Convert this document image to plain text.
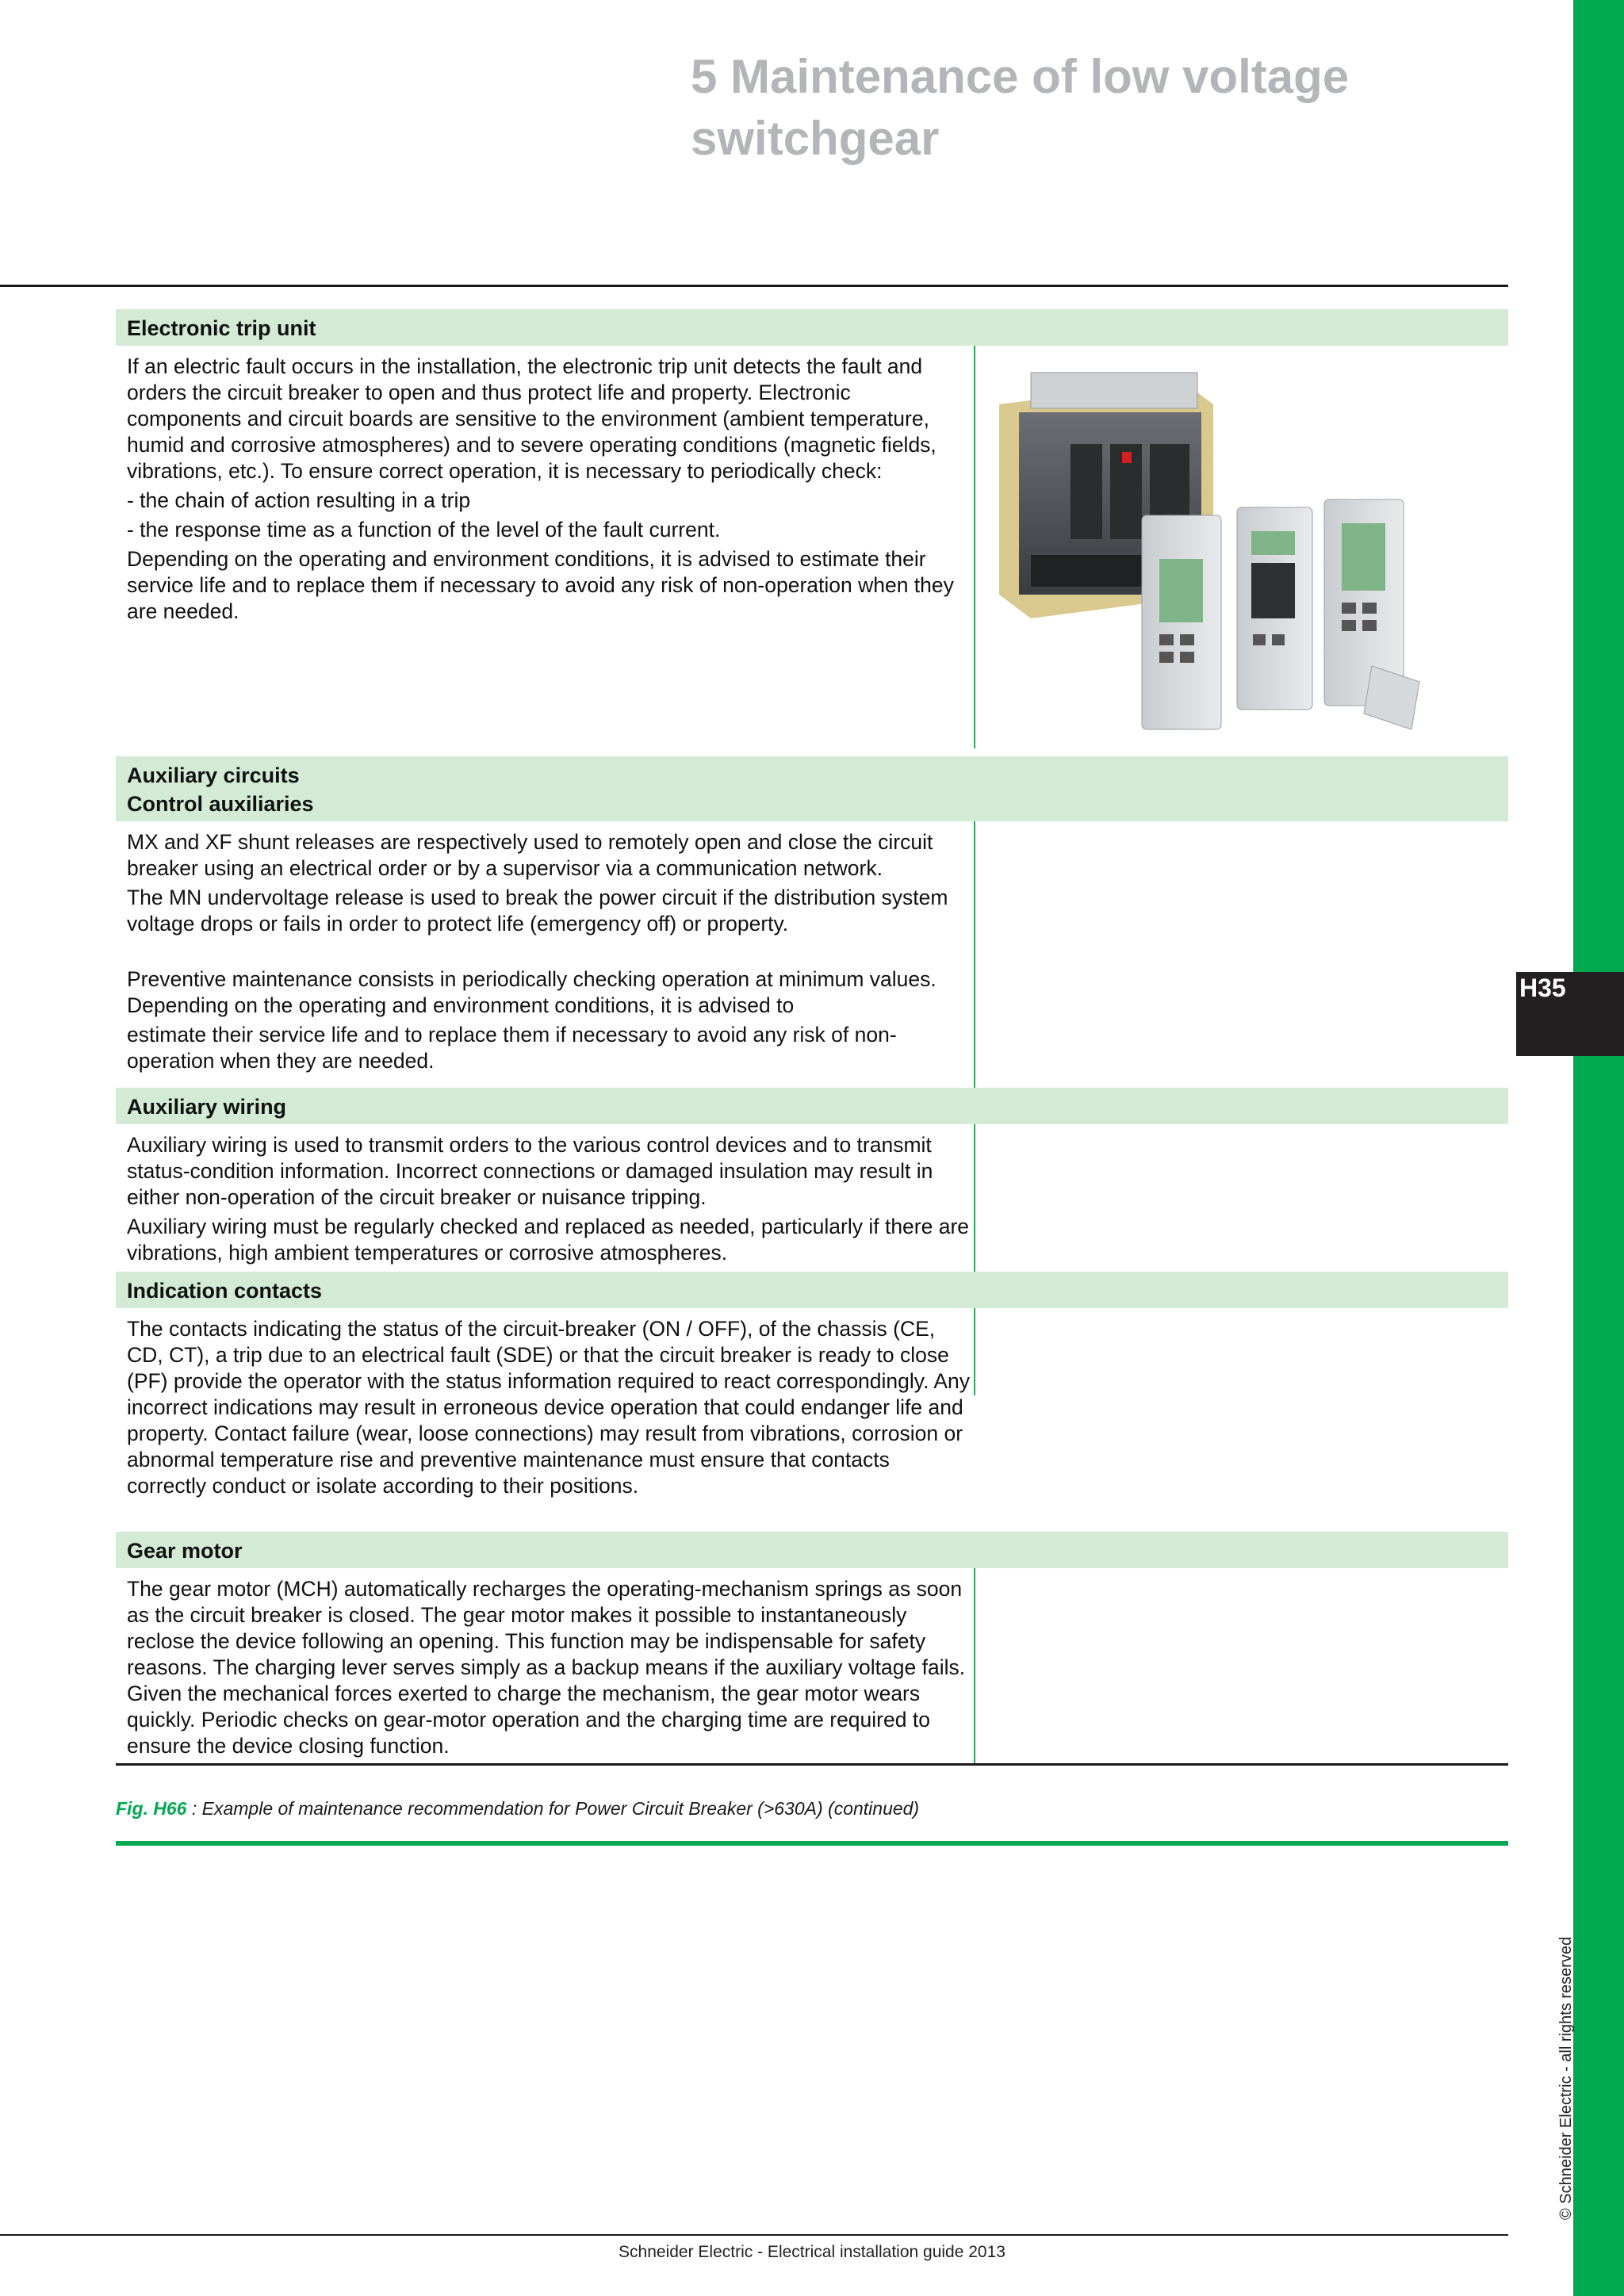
H35
© Schneider Electric - all rights reserved
5 Maintenance of low voltage switchgear
Electronic trip unit

If an electric fault occurs in the installation, the electronic trip unit detects the fault and orders the circuit breaker to open and thus protect life and property. Electronic components and circuit boards are sensitive to the environment (ambient temperature, humid and corrosive atmospheres) and to severe operating conditions (magnetic fields, vibrations, etc.). To ensure correct operation, it is necessary to periodically check:

- the chain of action resulting in a trip

- the response time as a function of the level of the fault current.

Depending on the operating and environment conditions, it is advised to estimate their service life and to replace them if necessary to avoid any risk of non-operation when they are needed.

Auxiliary circuits
Control auxiliaries

MX and XF shunt releases are respectively used to remotely open and close the circuit breaker using an electrical order or by a supervisor via a communication network.

The MN undervoltage release is used to break the power circuit if the distribution system voltage drops or fails in order to protect life (emergency off) or property.

Preventive maintenance consists in periodically checking operation at minimum values. Depending on the operating and environment conditions, it is advised to

estimate their service life and to replace them if necessary to avoid any risk of non-operation when they are needed.

Auxiliary wiring

Auxiliary wiring is used to transmit orders to the various control devices and to transmit status-condition information. Incorrect connections or damaged insulation may result in either non-operation of the circuit breaker or nuisance tripping.

Auxiliary wiring must be regularly checked and replaced as needed, particularly if there are vibrations, high ambient temperatures or corrosive atmospheres.

Indication contacts

The contacts indicating the status of the circuit-breaker (ON / OFF), of the chassis (CE, CD, CT), a trip due to an electrical fault (SDE) or that the circuit breaker is ready to close (PF) provide the operator with the status information required to react correspondingly. Any incorrect indications may result in erroneous device operation that could endanger life and property. Contact failure (wear, loose connections) may result from vibrations, corrosion or abnormal temperature rise and preventive maintenance must ensure that contacts correctly conduct or isolate according to their positions.

Gear motor

The gear motor (MCH) automatically recharges the operating-mechanism springs as soon as the circuit breaker is closed. The gear motor makes it possible to instantaneously reclose the device following an opening. This function may be indispensable for safety reasons. The charging lever serves simply as a backup means if the auxiliary voltage fails. Given the mechanical forces exerted to charge the mechanism, the gear motor wears quickly. Periodic checks on gear-motor operation and the charging time are required to ensure the device closing function.

Fig. H66 : Example of maintenance recommendation for Power Circuit Breaker (>630A) (continued)
Schneider Electric - Electrical installation guide 2013
